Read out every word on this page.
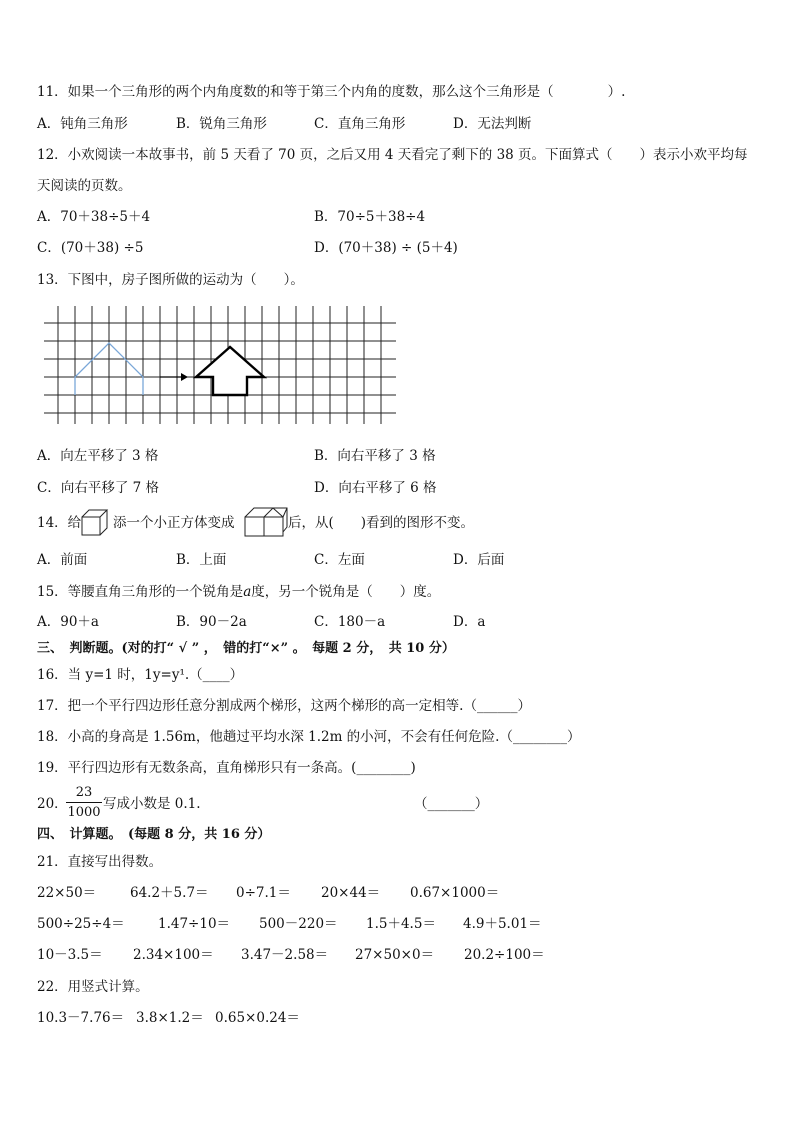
11．如果一个三角形的两个内角度数的和等于第三个内角的度数，那么这个三角形是（　　　　）.
A．钝角三角形	B．锐角三角形	C．直角三角形	D．无法判断
12．小欢阅读一本故事书，前 5 天看了 70 页，之后又用 4 天看完了剩下的 38 页。下面算式（　　）表示小欢平均每
天阅读的页数。
A．70＋38÷5＋4	B．70÷5＋38÷4
C．(70＋38) ÷5	D．(70＋38) ÷ (5＋4)
13．下图中，房子图所做的运动为（　　）。
A．向左平移了 3 格	B．向右平移了 3 格
C．向右平移了 7 格	D．向右平移了 6 格
14．给 添一个小正方体变成	后，从(　　)看到的图形不变。
A．前面	B．上面	C．左面	D．后面
15．等腰直角三角形的一个锐角是a度，另一个锐角是（　　）度。
A．90＋a	B．90－2a	C．180－a	D．a
三、　判断题。(对的打“ √ ” ，　错的打“×” 。　每题 2 分，　共 10 分）
16．当 y=1 时，1y=y¹.（____）
17．把一个平行四边形任意分割成两个梯形，这两个梯形的高一定相等.（______）
18．小高的身高是 1.56m，他趟过平均水深 1.2m 的小河，不会有任何危险.（________）
19．平行四边形有无数条高，直角梯形只有一条高。(________)
20．
23
1000
写成小数是 0.1.	（_______）
四、　计算题。　(每题 8 分，共 16 分）
21．直接写出得数。
22×50＝	64.2＋5.7＝ 0÷7.1＝ 20×44＝ 0.67×1000＝
500÷25÷4＝ 1.47÷10＝ 500－220＝ 1.5＋4.5＝ 4.9＋5.01＝
10－3.5＝ 2.34×100＝ 3.47－2.58＝ 27×50×0＝ 20.2÷100＝
22．用竖式计算。
10.3－7.76＝ 3.8×1.2＝ 0.65×0.24＝
